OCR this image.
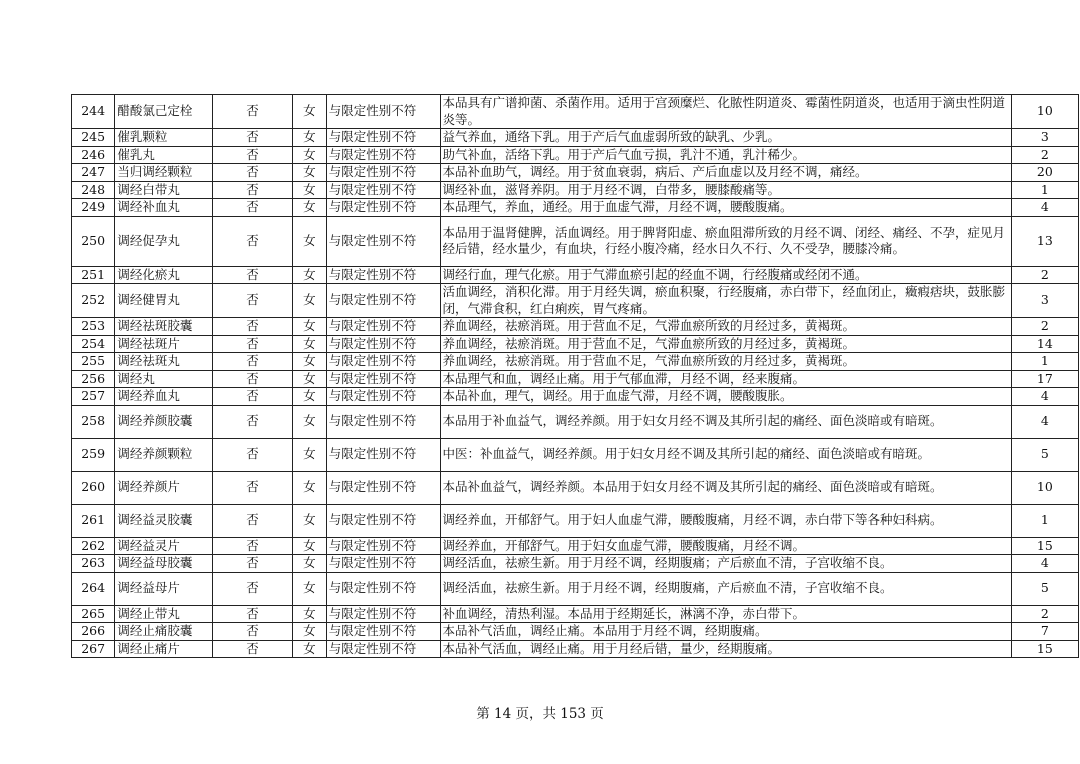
244	醋酸氯己定栓	否	女	与限定性别不符	本品具有广谱抑菌、杀菌作用。适用于宫颈糜烂、化脓性阴道炎、霉菌性阴道炎，也适用于滴虫性阴道炎等。	10
245	催乳颗粒	否	女	与限定性别不符	益气养血，通络下乳。用于产后气血虚弱所致的缺乳、少乳。	3
246	催乳丸	否	女	与限定性别不符	助气补血，活络下乳。用于产后气血亏损，乳汁不通，乳汁稀少。	2
247	当归调经颗粒	否	女	与限定性别不符	本品补血助气，调经。用于贫血衰弱，病后、产后血虚以及月经不调，痛经。	20
248	调经白带丸	否	女	与限定性别不符	调经补血，滋肾养阴。用于月经不调，白带多，腰膝酸痛等。	1
249	调经补血丸	否	女	与限定性别不符	本品理气，养血，通经。用于血虚气滞，月经不调，腰酸腹痛。	4
250	调经促孕丸	否	女	与限定性别不符	本品用于温肾健脾，活血调经。用于脾肾阳虚、瘀血阻滞所致的月经不调、闭经、痛经、不孕，症见月经后错，经水量少，有血块，行经小腹冷痛，经水日久不行、久不受孕，腰膝冷痛。	13
251	调经化瘀丸	否	女	与限定性别不符	调经行血，理气化瘀。用于气滞血瘀引起的经血不调，行经腹痛或经闭不通。	2
252	调经健胃丸	否	女	与限定性别不符	活血调经，消积化滞。用于月经失调，瘀血积聚，行经腹痛，赤白带下，经血闭止，癥瘕痞块，鼓胀膨闭，气滞食积，红白痢疾，胃气疼痛。	3
253	调经祛斑胶囊	否	女	与限定性别不符	养血调经，祛瘀消斑。用于营血不足，气滞血瘀所致的月经过多，黄褐斑。	2
254	调经祛斑片	否	女	与限定性别不符	养血调经，祛瘀消斑。用于营血不足，气滞血瘀所致的月经过多，黄褐斑。	14
255	调经祛斑丸	否	女	与限定性别不符	养血调经，祛瘀消斑。用于营血不足，气滞血瘀所致的月经过多，黄褐斑。	1
256	调经丸	否	女	与限定性别不符	本品理气和血，调经止痛。用于气郁血滞，月经不调，经来腹痛。	17
257	调经养血丸	否	女	与限定性别不符	本品补血，理气，调经。用于血虚气滞，月经不调，腰酸腹胀。	4
258	调经养颜胶囊	否	女	与限定性别不符	本品用于补血益气，调经养颜。用于妇女月经不调及其所引起的痛经、面色淡暗或有暗斑。	4
259	调经养颜颗粒	否	女	与限定性别不符	中医：补血益气，调经养颜。用于妇女月经不调及其所引起的痛经、面色淡暗或有暗斑。	5
260	调经养颜片	否	女	与限定性别不符	本品补血益气，调经养颜。本品用于妇女月经不调及其所引起的痛经、面色淡暗或有暗斑。	10
261	调经益灵胶囊	否	女	与限定性别不符	调经养血，开郁舒气。用于妇人血虚气滞，腰酸腹痛，月经不调，赤白带下等各种妇科病。	1
262	调经益灵片	否	女	与限定性别不符	调经养血，开郁舒气。用于妇女血虚气滞，腰酸腹痛，月经不调。	15
263	调经益母胶囊	否	女	与限定性别不符	调经活血，祛瘀生新。用于月经不调，经期腹痛；产后瘀血不清，子宫收缩不良。	4
264	调经益母片	否	女	与限定性别不符	调经活血，祛瘀生新。用于月经不调，经期腹痛，产后瘀血不清，子宫收缩不良。	5
265	调经止带丸	否	女	与限定性别不符	补血调经，清热利湿。本品用于经期延长，淋漓不净，赤白带下。	2
266	调经止痛胶囊	否	女	与限定性别不符	本品补气活血，调经止痛。本品用于月经不调，经期腹痛。	7
267	调经止痛片	否	女	与限定性别不符	本品补气活血，调经止痛。用于月经后错，量少，经期腹痛。	15
第 14 页，共 153 页
